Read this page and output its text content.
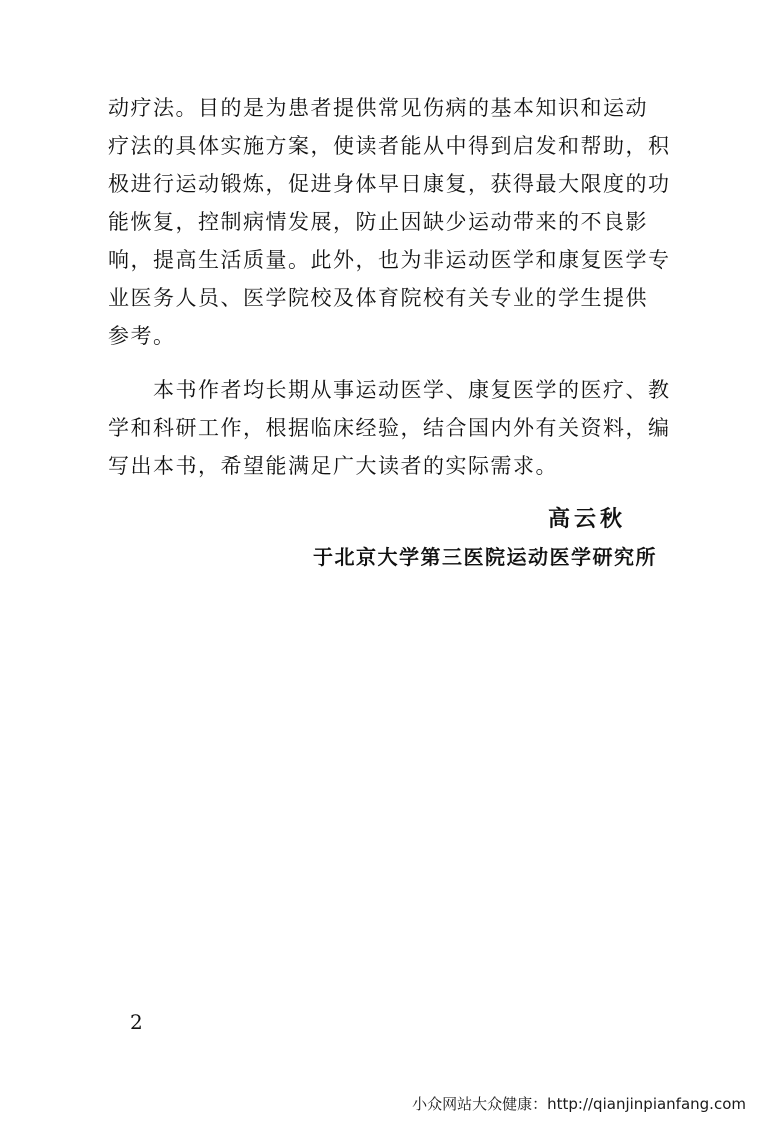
动疗法。目的是为患者提供常见伤病的基本知识和运动
疗法的具体实施方案，使读者能从中得到启发和帮助，积
极进行运动锻炼，促进身体早日康复，获得最大限度的功
能恢复，控制病情发展，防止因缺少运动带来的不良影
响，提高生活质量。此外，也为非运动医学和康复医学专
业医务人员、医学院校及体育院校有关专业的学生提供
参考。
本书作者均长期从事运动医学、康复医学的医疗、教
学和科研工作，根据临床经验，结合国内外有关资料，编
写出本书，希望能满足广大读者的实际需求。
高云秋
于北京大学第三医院运动医学研究所
2
小众网站大众健康：http://qianjinpianfang.com
